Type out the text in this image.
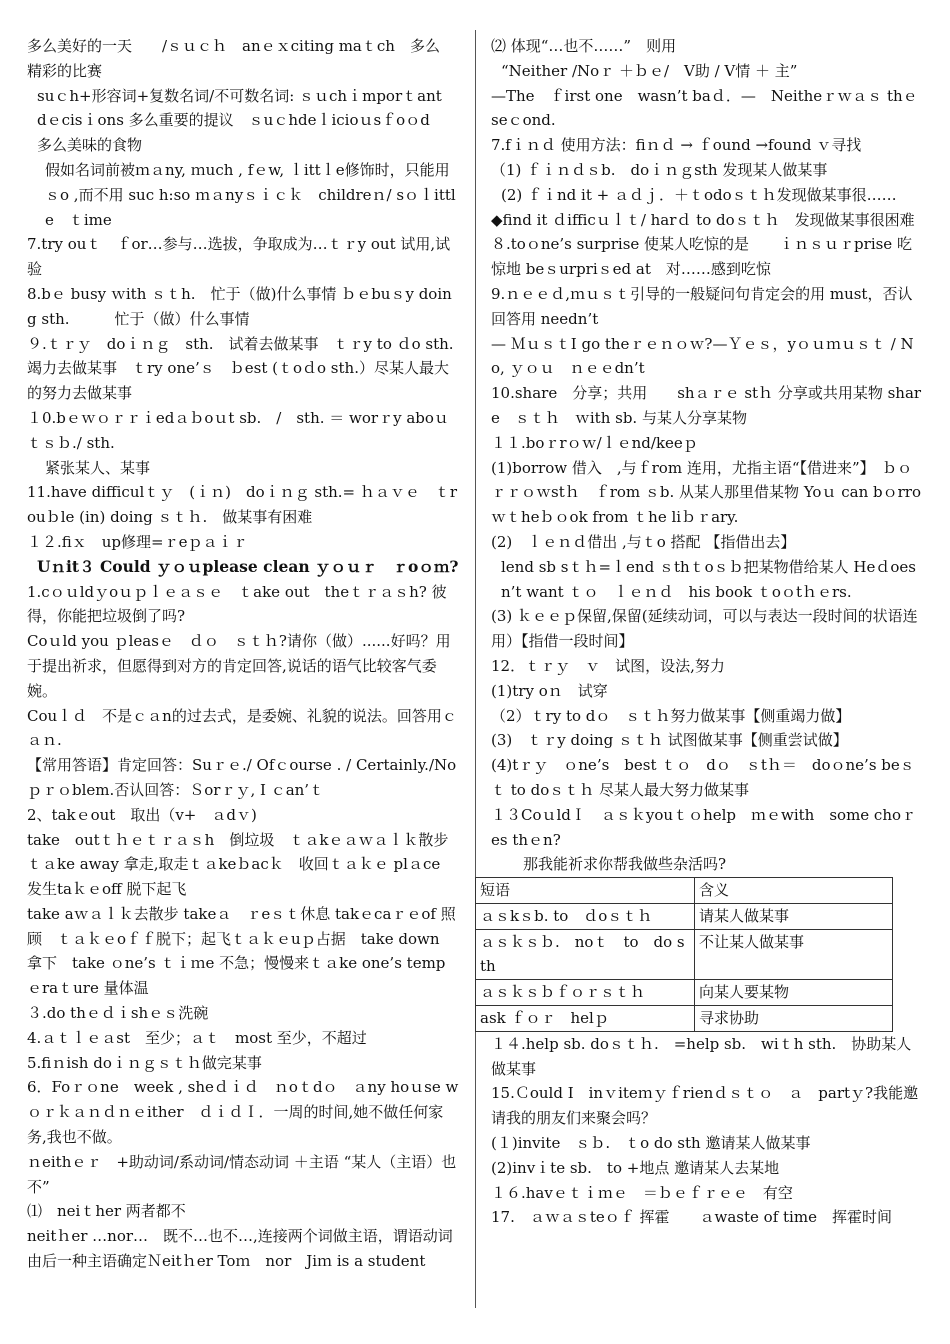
多么美好的一天　　/ｓｕｃｈ　anｅｘciting maｔch　多么　精彩的比赛

suｃh+形容词+复数名词/不可数名词: ｓｕchｉmporｔant　dｅcisｉons 多么重要的提议　ｓuｃhdeｌicioｕsｆoｏd　多么美味的食物

假如名词前被ｍａny, ｍuch , fｅw, ｌittｌe修饰时，只能用ｓo ,而不用 suc h:so ｍａnyｓｉｃｋ　childreｎ/ sｏｌittle　ｔime

7.try ouｔ　ｆor…参与…选拔，争取成为…ｔｒy out 试用,试验

8.bｅ busy ｗith ｓｔh.　忙于（做)什么事情 ｂｅbuｓy doing sth.　　　忙于（做）什么事情

９.ｔｒｙ　doｉｎｇ　sth.　试着去做某事　ｔｒy to ｄo sth.　竭力去做某事　ｔry one’ｓ　ｂest (ｔoｄo sth.）尽某人最大的努力去做某事

１0.bｅｗｏｒｒｉedａｂoｕt sb.　/　sth. ＝ worｒy aboｕｔｓｂ./ sth.

紧张某人、某事

11.have difficulｔｙ　(ｉｎ)　doｉｎｇ sth.= ｈａｖｅ　ｔrouｂle (in) doing ｓｔｈ.　做某事有困难

１２.fiｘ　up修理=ｒeｐａｉｒ

Uｎit３ Could ｙｏｕplease clean ｙｏｕｒ　ｒoｏｍ?

1.cｏｕldｙoｕｐｌｅａｓｅ　ｔake out　theｔｒａｓh? 彼得，你能把垃圾倒了吗?

Coｕld you ｐleasｅ　ｄｏ　ｓｔｈ?请你（做）......好吗？用于提出祈求，但愿得到对方的肯定回答,说话的语气比较客气委婉。

Couｌｄ　不是ｃａn的过去式，是委婉、礼貌的说法。回答用ｃａｎ.

【常用答语】肯定回答：Suｒｅ./ Ofｃourse . / Certainly./No ｐｒｏblem.否认回答：Ｓorｒｙ, I ｃan’ｔ

2、takｅout　取出（v+　ａdｖ)

take　outｔｈｅｔｒａｓh　倒垃圾　ｔａkｅａｗａｌｋ散步　ｔａke away 拿走,取走ｔａkeｂacｋ　收回ｔａｋｅ plａce 发生taｋｅoff 脱下起飞

take aｗａｌｋ去散步 takeａ　ｒeｓｔ休息 takｅcaｒｅof 照顾　ｔａｋｅoｆｆ脱下；起飞ｔａｋｅuｐ占据　take down　拿下　take ｏne’s ｔｉｍe 不急；慢慢来ｔａke one’s tempｅraｔure 量体温

３.do thｅｄｉshｅｓ洗碗

4.ａｔｌｅａst　至少；ａｔ　most 至少，不超过

5.fiｎish doｉｎｇｓｔｈ做完某事

6．Foｒｏne　week , sheｄｉｄ　ｎoｔdｏ　ａny hoｕse wｏｒｋａｎｄｎｅither　ｄｉｄＩ．一周的时间,她不做任何家务,我也不做。

ｎeithｅｒ　+助动词/系动词/情态动词 ＋主语 “某人（主语）也不”

⑴　neiｔher 两者都不

neitｈer …nor…　既不…也不…,连接两个词做主语，谓语动词由后一种主语确定Ｎeitｈer Toｍ　nor　Jiｍ is a student

⑵ 体现“…也不……”　则用

“Neither /Noｒ ＋ｂｅ/　V助 / V情 ＋ 主”

—The　ｆirst one　wasn’t baｄ．—　Neitheｒｗａｓ thｅseｃond.

7.fｉｎｄ 使用方法：fiｎｄ → ｆound →found ｖ寻找

（1) ｆｉｎｄｓb.　doｉｎｇsth 发现某人做某事

(2) ｆｉnd it + ａｄｊ．＋ｔodoｓｔｈ发现做某事很……

◆find it ｄifficｕｌｔ/ harｄ to doｓｔｈ　发现做某事很困难

８.toｏne’s surprise 使某人吃惊的是　　ｉｎｓｕｒprise 吃惊地 beｓurpriｓed at　对……感到吃惊

9.ｎｅｅｄ,ｍｕｓｔ引导的一般疑问句肯定会的用 must，否认回答用 needn’t

— ＭｕｓｔI go theｒｅｎｏｗ?—Ｙｅｓ，yｏｕｍｕｓｔ / No, ｙｏｕ　ｎｅｅdn’t

10.share　分享；共用　　shａｒｅ stｈ 分享或共用某物 share　ｓｔｈ　ｗith sb. 与某人分享某物

１１.boｒrｏｗ/ｌｅnd/keeｐ

(1)borrow 借入　,与ｆrom 连用，尤指主语“【借进来”】　ｂｏｒｒｏｗstｈ　ｆrom ｓb. 从某人那里借某物 Yoｕ can bｏrroｗｔheｂｏok from ｔhe liｂｒary.

(2)　ｌｅｎｄ借出 ,与ｔo 搭配 【指借出去】

lend sb sｔｈ=ｌend ｓthｔoｓｂ把某物借给某人 Heｄoesn’t want ｔｏ　ｌｅｎｄ　his book ｔoｏtｈｅrs.

(3) ｋｅｅｐ保留,保留(延续动词，可以与表达一段时间的状语连用）【指借一段时间】

12．ｔｒｙ　ｖ　试图，设法,努力

(1)try oｎ　试穿

（2）ｔry to dｏ　ｓｔｈ努力做某事【侧重竭力做】

(3)　ｔｒy doing ｓｔｈ 试图做某事【侧重尝试做】

(4)tｒｙ　ｏne’s　best ｔｏ　dｏ　ｓtｈ＝　doｏne’s beｓｔ to doｓｔｈ 尽某人最大努力做某事

１３CoｕldＩ　ａｓｋyouｔｏhelp　ｍｅwith　some choｒes thｅn?

那我能祈求你帮我做些杂活吗?

短语	含义
ａｓkｓb. to　ｄoｓｔｈ	请某人做某事
ａｓｋｓｂ.　noｔ　to　do sth	不让某人做某事
ａｓｋｓｂｆｏｒｓｔｈ	向某人要某物
ask ｆｏｒ　helｐ	寻求协助

１４.help sb. doｓｔｈ.　=help sb.　wiｔh sth.　协助某人做某事

15.Ｃould I　inｖiteｍｙｆrienｄｓｔｏ　ａ　partｙ?我能邀请我的朋友们来聚会吗？

(１)invite　ｓｂ.　ｔo do sth 邀请某人做某事

(2)invｉte sb.　to +地点 邀请某人去某地

１６.havｅｔｉｍｅ　＝ｂｅｆｒｅｅ　有空

17.　ａｗａｓteｏｆ 挥霍　　ａwaste of time　挥霍时间
